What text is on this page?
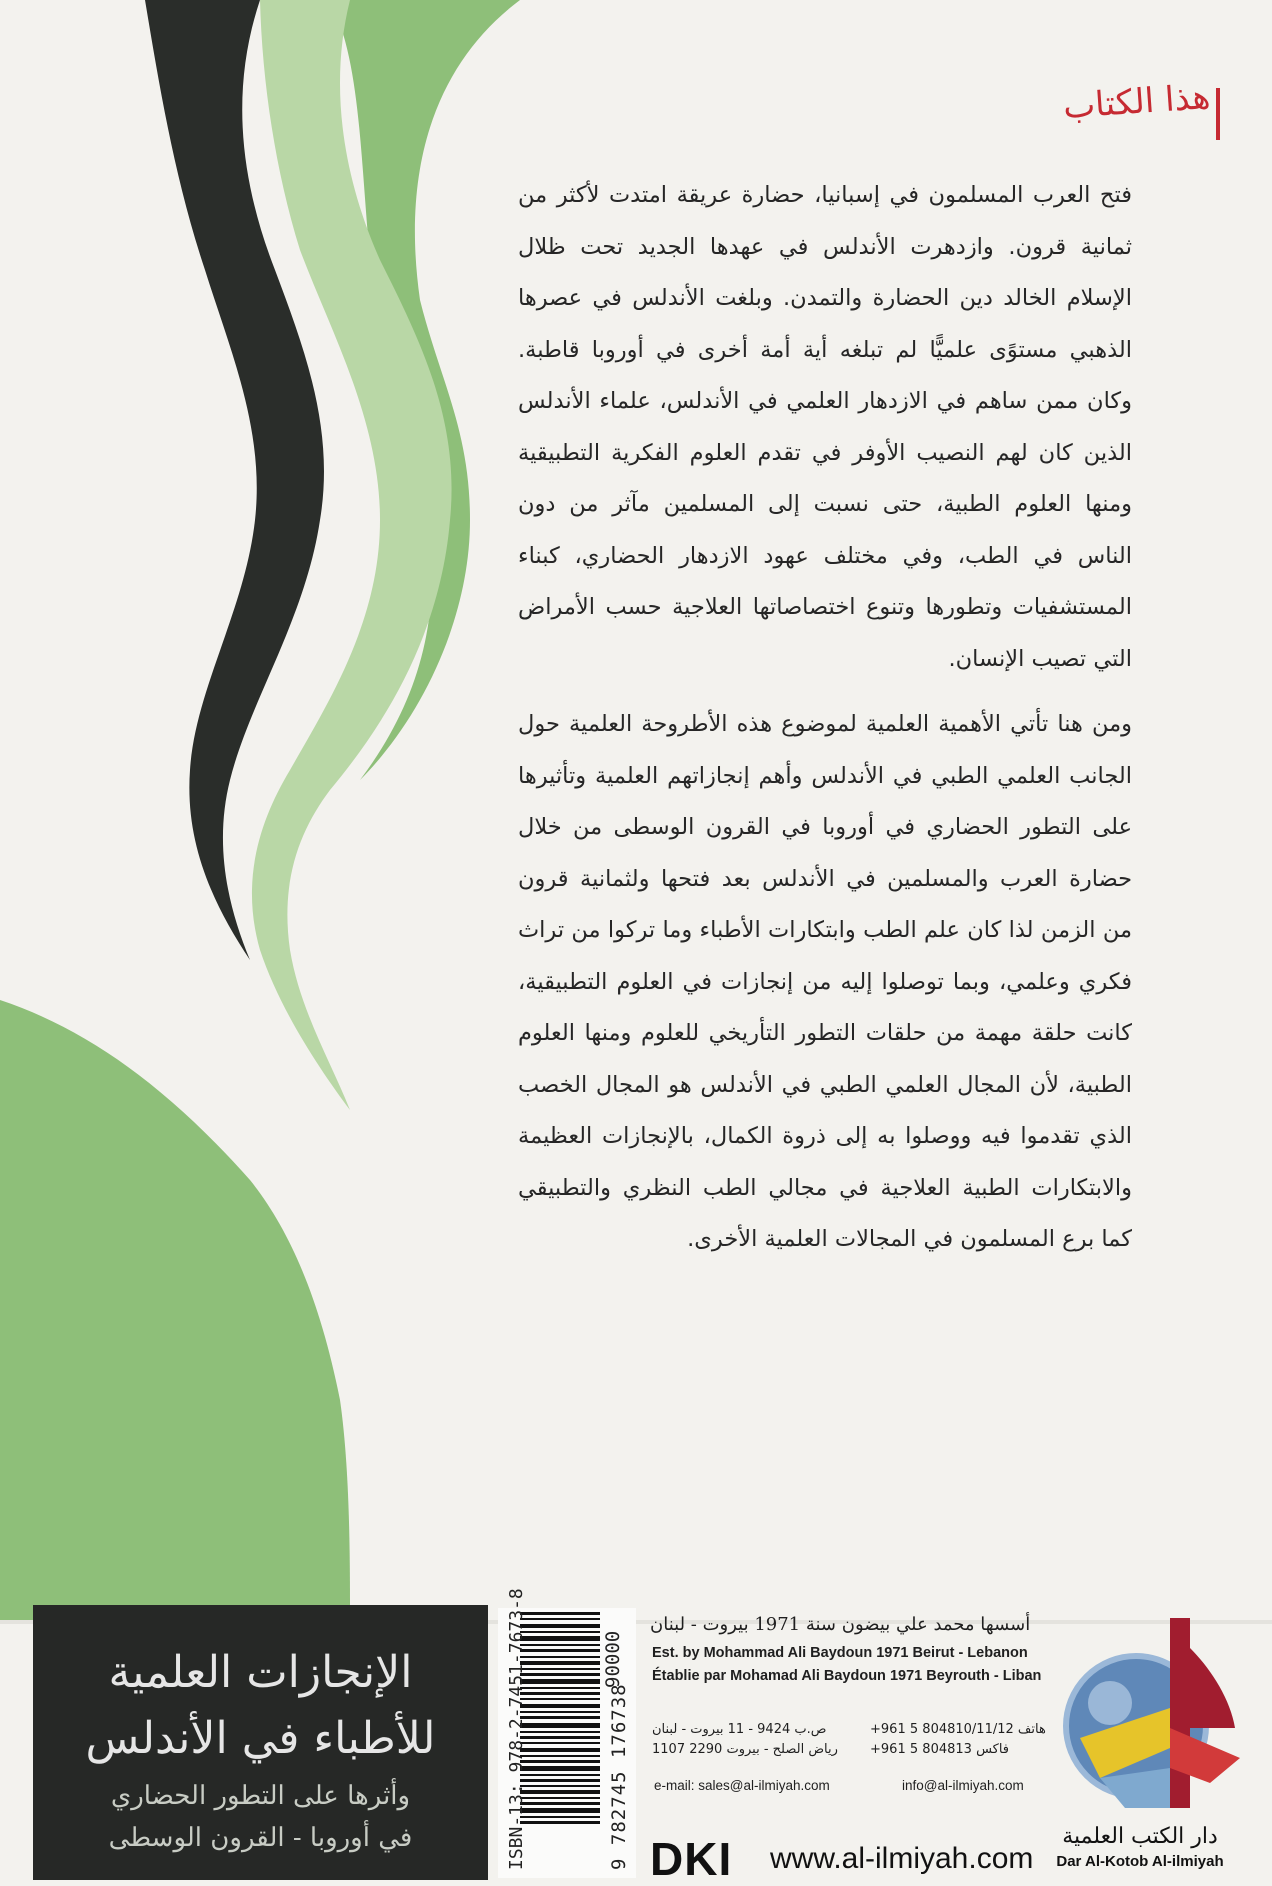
هذا الكتاب

فتح العرب المسلمون في إسبانيا، حضارة عريقة امتدت لأكثر من ثمانية قرون. وازدهرت الأندلس في عهدها الجديد تحت ظلال الإسلام الخالد دين الحضارة والتمدن. وبلغت الأندلس في عصرها الذهبي مستوًى علميًّا لم تبلغه أية أمة أخرى في أوروبا قاطبة. وكان ممن ساهم في الازدهار العلمي في الأندلس، علماء الأندلس الذين كان لهم النصيب الأوفر في تقدم العلوم الفكرية التطبيقية ومنها العلوم الطبية، حتى نسبت إلى المسلمين مآثر من دون الناس في الطب، وفي مختلف عهود الازدهار الحضاري، كبناء المستشفيات وتطورها وتنوع اختصاصاتها العلاجية حسب الأمراض التي تصيب الإنسان.

ومن هنا تأتي الأهمية العلمية لموضوع هذه الأطروحة العلمية حول الجانب العلمي الطبي في الأندلس وأهم إنجازاتهم العلمية وتأثيرها على التطور الحضاري في أوروبا في القرون الوسطى من خلال حضارة العرب والمسلمين في الأندلس بعد فتحها ولثمانية قرون من الزمن لذا كان علم الطب وابتكارات الأطباء وما تركوا من تراث فكري وعلمي، وبما توصلوا إليه من إنجازات في العلوم التطبيقية، كانت حلقة مهمة من حلقات التطور التأريخي للعلوم ومنها العلوم الطبية، لأن المجال العلمي الطبي في الأندلس هو المجال الخصب الذي تقدموا فيه ووصلوا به إلى ذروة الكمال، بالإنجازات العظيمة والابتكارات الطبية العلاجية في مجالي الطب النظري والتطبيقي كما برع المسلمون في المجالات العلمية الأخرى.

الإنجازات العلمية
للأطباء في الأندلس
وأثرها على التطور الحضاري
في أوروبا - القرون الوسطى	ISBN-13: 978-2-7451-7673-8	9 782745 176738
90000
أسسها محمد علي بيضون سنة 1971 بيروت - لبنان
Est. by Mohammad Ali Baydoun 1971 Beirut - Lebanon
Établie par Mohamad Ali Baydoun 1971 Beyrouth - Liban
ص.ب 9424 - 11 بيروت - لبنان
رياض الصلح - بيروت 2290 1107
هاتف 804810/11/12 5 961+
فاكس 804813 5 961+
e-mail: sales@al-ilmiyah.com	info@al-ilmiyah.com
DKI www.al-ilmiyah.com
دار الكتب العلمية
Dar Al-Kotob Al-ilmiyah
